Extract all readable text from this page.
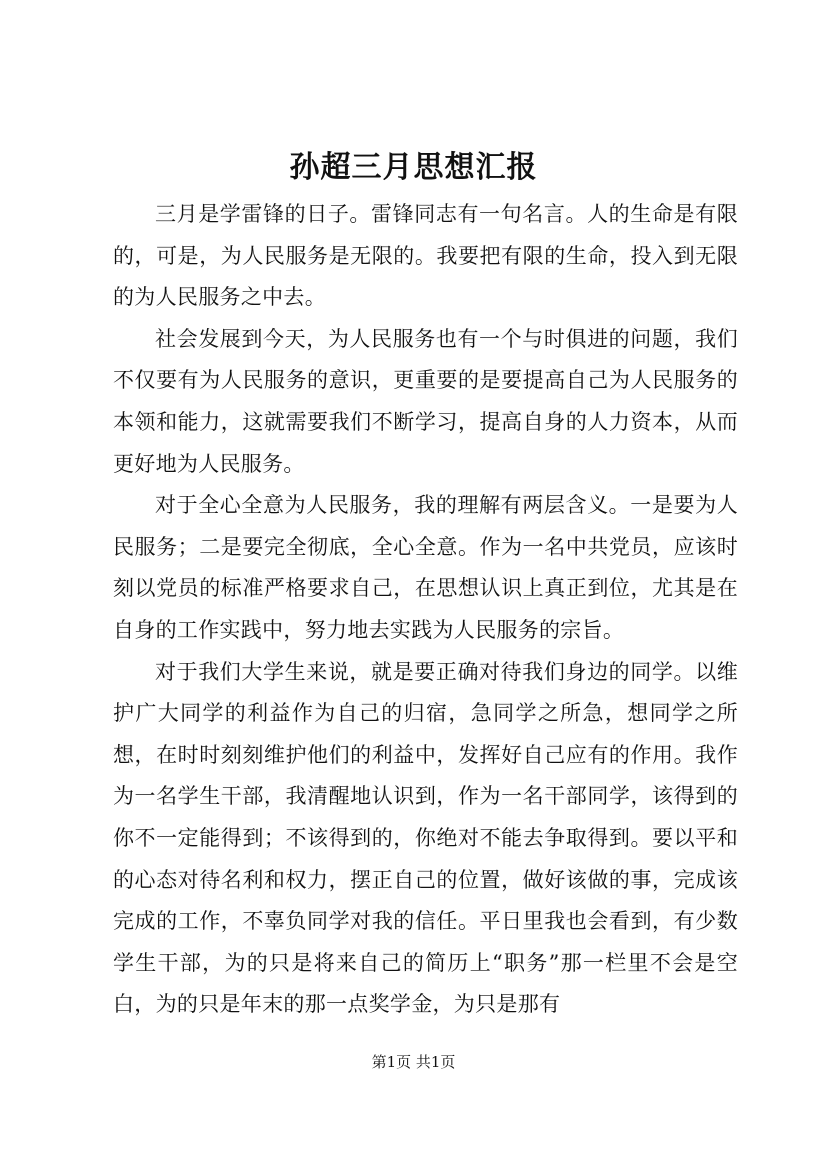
孙超三月思想汇报

三月是学雷锋的日子。雷锋同志有一句名言。人的生命是有限的，可是，为人民服务是无限的。我要把有限的生命，投入到无限的为人民服务之中去。

社会发展到今天，为人民服务也有一个与时俱进的问题，我们不仅要有为人民服务的意识，更重要的是要提高自己为人民服务的本领和能力，这就需要我们不断学习，提高自身的人力资本，从而更好地为人民服务。

对于全心全意为人民服务，我的理解有两层含义。一是要为人民服务；二是要完全彻底，全心全意。作为一名中共党员，应该时刻以党员的标准严格要求自己，在思想认识上真正到位，尤其是在自身的工作实践中，努力地去实践为人民服务的宗旨。

对于我们大学生来说，就是要正确对待我们身边的同学。以维护广大同学的利益作为自己的归宿，急同学之所急，想同学之所想，在时时刻刻维护他们的利益中，发挥好自己应有的作用。我作为一名学生干部，我清醒地认识到，作为一名干部同学，该得到的你不一定能得到；不该得到的，你绝对不能去争取得到。要以平和的心态对待名利和权力，摆正自己的位置，做好该做的事，完成该完成的工作，不辜负同学对我的信任。平日里我也会看到，有少数学生干部，为的只是将来自己的简历上“职务”那一栏里不会是空白，为的只是年末的那一点奖学金，为只是那有

第1页 共1页
